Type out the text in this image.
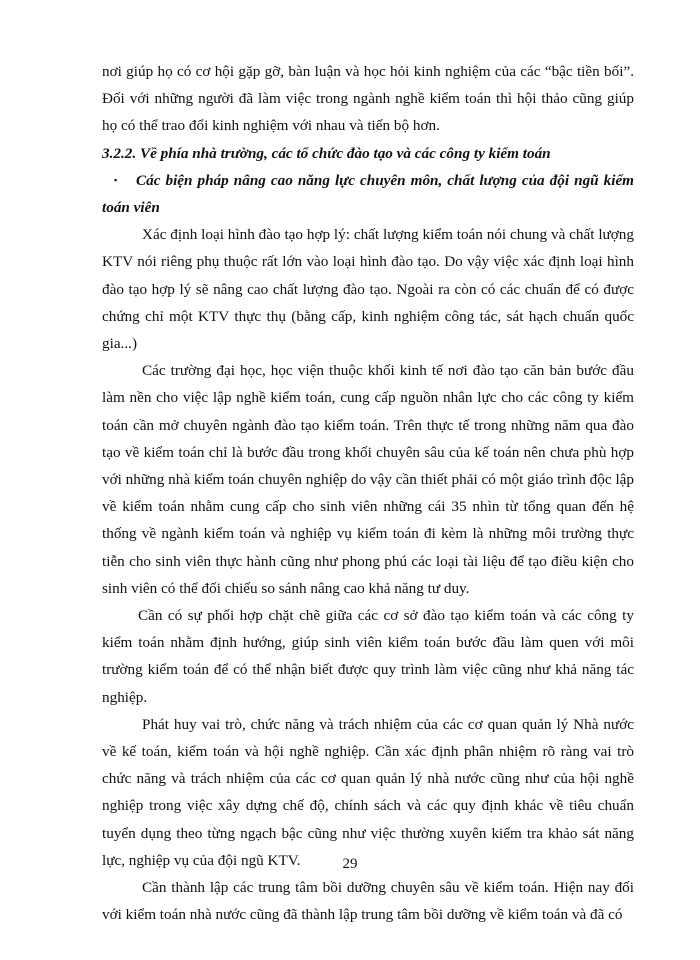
nơi giúp họ có cơ hội gặp gỡ, bàn luận và học hỏi kinh nghiệm của các “bậc tiền bối”. Đối với những người đã làm việc trong ngành nghề kiểm toán thì hội thảo cũng giúp họ có thể trao đổi kinh nghiệm với nhau và tiến bộ hơn.

3.2.2. Về phía nhà trường, các tổ chức đào tạo và các công ty kiểm toán

▪ Các biện pháp nâng cao năng lực chuyên môn, chất lượng của đội ngũ kiểm toán viên

Xác định loại hình đào tạo hợp lý: chất lượng kiểm toán nói chung và chất lượng KTV nói riêng phụ thuộc rất lớn vào loại hình đào tạo. Do vậy việc xác định loại hình đào tạo hợp lý sẽ nâng cao chất lượng đào tạo. Ngoài ra còn có các chuẩn để có được chứng chỉ một KTV thực thụ (bằng cấp, kinh nghiệm công tác, sát hạch chuẩn quốc gia...)

Các trường đại học, học viện thuộc khối kinh tế nơi đào tạo căn bản bước đầu làm nền cho việc lập nghề kiểm toán, cung cấp nguồn nhân lực cho các công ty kiểm toán cần mở chuyên ngành đào tạo kiểm toán. Trên thực tế trong những năm qua đào tạo về kiểm toán chỉ là bước đầu trong khối chuyên sâu của kế toán nên chưa phù hợp với những nhà kiểm toán chuyên nghiệp do vậy cần thiết phải có một giáo trình độc lập về kiểm toán nhằm cung cấp cho sinh viên những cái 35 nhìn từ tổng quan đến hệ thống về ngành kiểm toán và nghiệp vụ kiểm toán đi kèm là những môi trường thực tiễn cho sinh viên thực hành cũng như phong phú các loại tài liệu để tạo điều kiện cho sinh viên có thể đối chiếu so sánh nâng cao khả năng tư duy.

Cần có sự phối hợp chặt chẽ giữa các cơ sở đào tạo kiểm toán và các công ty kiểm toán nhằm định hướng, giúp sinh viên kiểm toán bước đầu làm quen với môi trường kiểm toán để có thể nhận biết được quy trình làm việc cũng như khả năng tác nghiệp.

Phát huy vai trò, chức năng và trách nhiệm của các cơ quan quản lý Nhà nước về kế toán, kiểm toán và hội nghề nghiệp. Cần xác định phân nhiệm rõ ràng vai trò chức năng và trách nhiệm của các cơ quan quản lý nhà nước cũng như của hội nghề nghiệp trong việc xây dựng chế độ, chính sách và các quy định khác về tiêu chuẩn tuyển dụng theo từng ngạch bậc cũng như việc thường xuyên kiểm tra khảo sát năng lực, nghiệp vụ của đội ngũ KTV.

Cần thành lập các trung tâm bồi dưỡng chuyên sâu về kiểm toán. Hiện nay đối với kiểm toán nhà nước cũng đã thành lập trung tâm bồi dưỡng về kiểm toán và đã có

29
